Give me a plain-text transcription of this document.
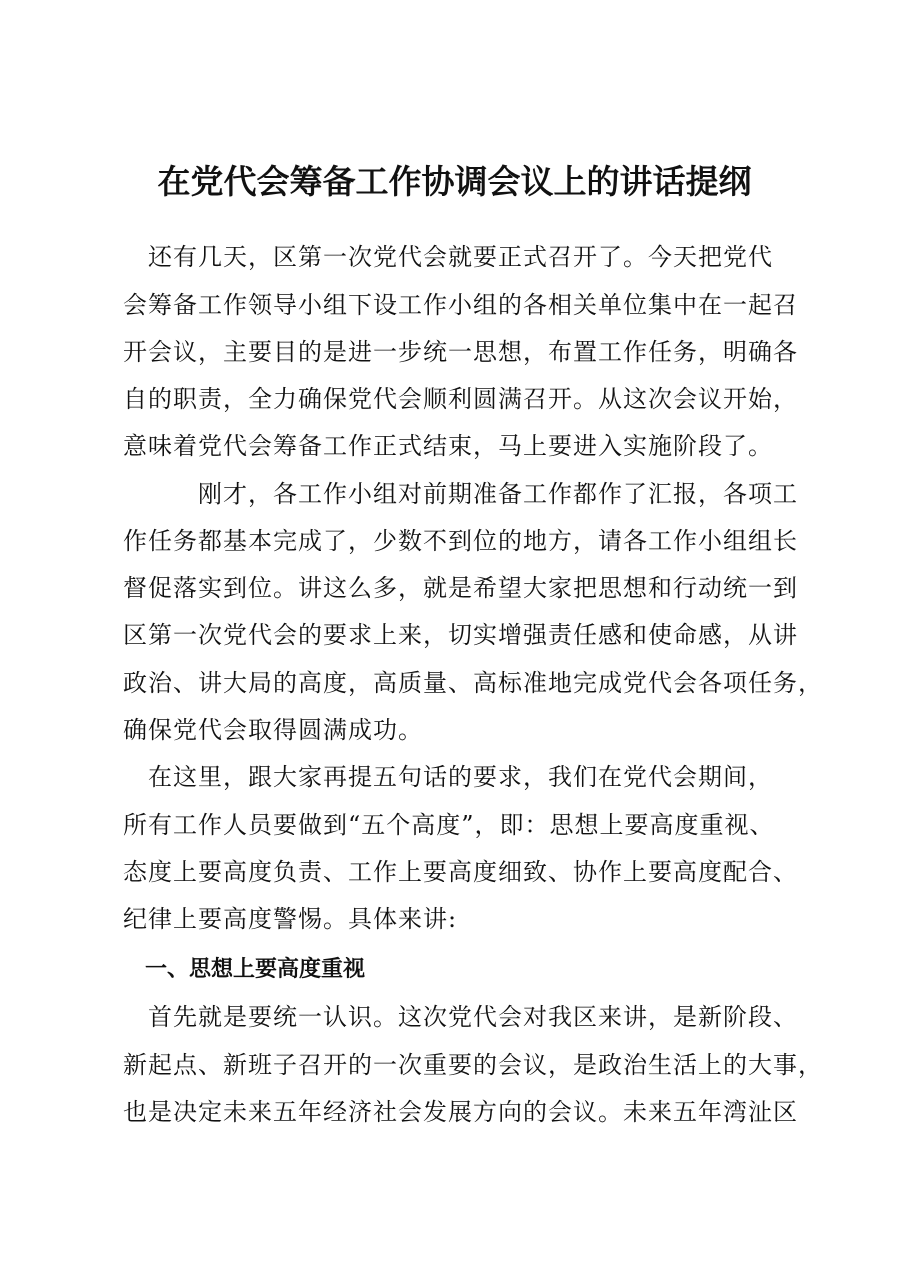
在党代会筹备工作协调会议上的讲话提纲
　还有几天，区第一次党代会就要正式召开了。今天把党代
会筹备工作领导小组下设工作小组的各相关单位集中在一起召
开会议，主要目的是进一步统一思想，布置工作任务，明确各
自的职责，全力确保党代会顺利圆满召开。从这次会议开始，
意味着党代会筹备工作正式结束，马上要进入实施阶段了。
　　　刚才，各工作小组对前期准备工作都作了汇报，各项工
作任务都基本完成了，少数不到位的地方，请各工作小组组长
督促落实到位。讲这么多，就是希望大家把思想和行动统一到
区第一次党代会的要求上来，切实增强责任感和使命感，从讲
政治、讲大局的高度，高质量、高标准地完成党代会各项任务，
确保党代会取得圆满成功。
　在这里，跟大家再提五句话的要求，我们在党代会期间，
所有工作人员要做到“五个高度”，即：思想上要高度重视、
态度上要高度负责、工作上要高度细致、协作上要高度配合、
纪律上要高度警惕。具体来讲:
　一、思想上要高度重视
　首先就是要统一认识。这次党代会对我区来讲，是新阶段、
新起点、新班子召开的一次重要的会议，是政治生活上的大事，
也是决定未来五年经济社会发展方向的会议。未来五年湾沚区
